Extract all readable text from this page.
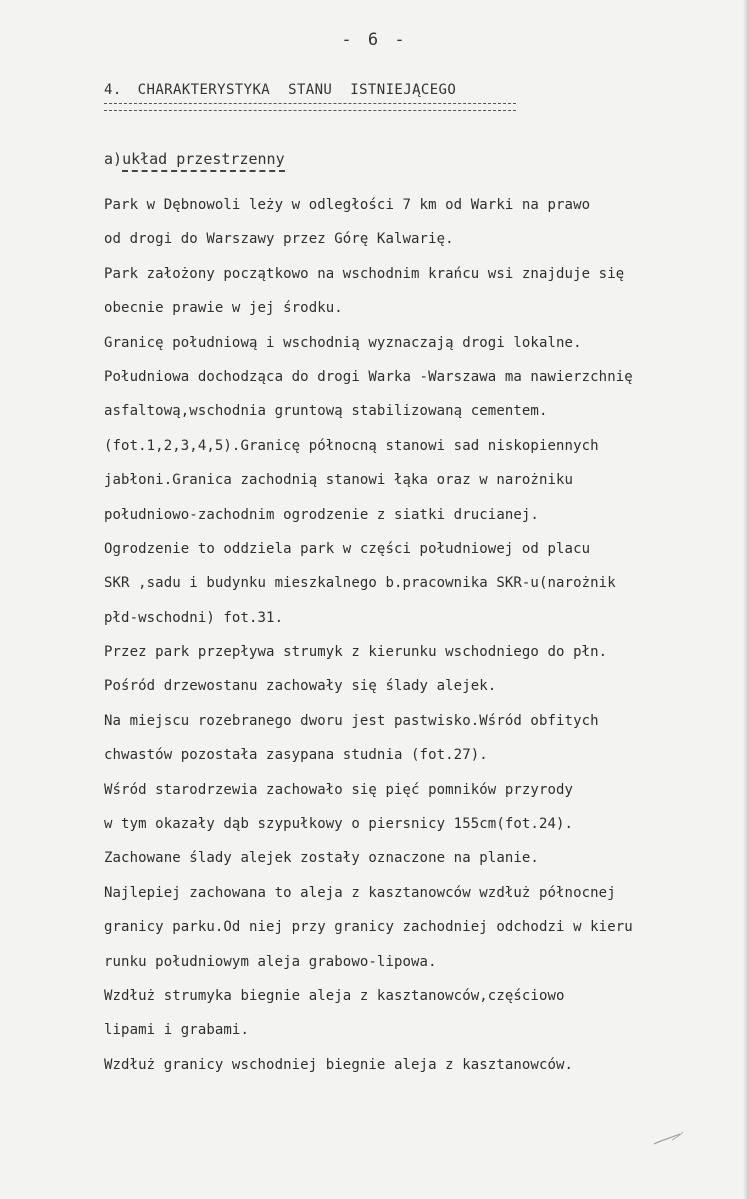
- 6 -
4. CHARAKTERYSTYKA STANU ISTNIEJĄCEGO
a)układ przestrzenny
Park w Dębnowoli leży w odległości 7 km od Warki na prawo
od drogi do Warszawy przez Górę Kalwarię.
Park założony początkowo na wschodnim krańcu wsi znajduje się
obecnie prawie w jej środku.
Granicę południową i wschodnią wyznaczają drogi lokalne.
Południowa dochodząca do drogi Warka -Warszawa ma nawierzchnię
asfaltową,wschodnia gruntową stabilizowaną cementem.
(fot.1,2,3,4,5).Granicę północną stanowi sad niskopiennych
jabłoni.Granica zachodnią stanowi łąka oraz w narożniku
południowo-zachodnim ogrodzenie z siatki drucianej.
Ogrodzenie to oddziela park w części południowej od placu
SKR ,sadu i budynku mieszkalnego b.pracownika SKR-u(narożnik
płd-wschodni) fot.31.
Przez park przepływa strumyk z kierunku wschodniego do płn.
Pośród drzewostanu zachowały się ślady alejek.
Na miejscu rozebranego dworu jest pastwisko.Wśród obfitych
chwastów pozostała zasypana studnia (fot.27).
Wśród starodrzewia zachowało się pięć pomników przyrody
w tym okazały dąb szypułkowy o piersnicy 155cm(fot.24).
Zachowane ślady alejek zostały oznaczone na planie.
Najlepiej zachowana to aleja z kasztanowców wzdłuż północnej
granicy parku.Od niej przy granicy zachodniej odchodzi w kieru
runku południowym aleja grabowo-lipowa.
Wzdłuż strumyka biegnie aleja z kasztanowców,częściowo
lipami i grabami.
Wzdłuż granicy wschodniej biegnie aleja z kasztanowców.
